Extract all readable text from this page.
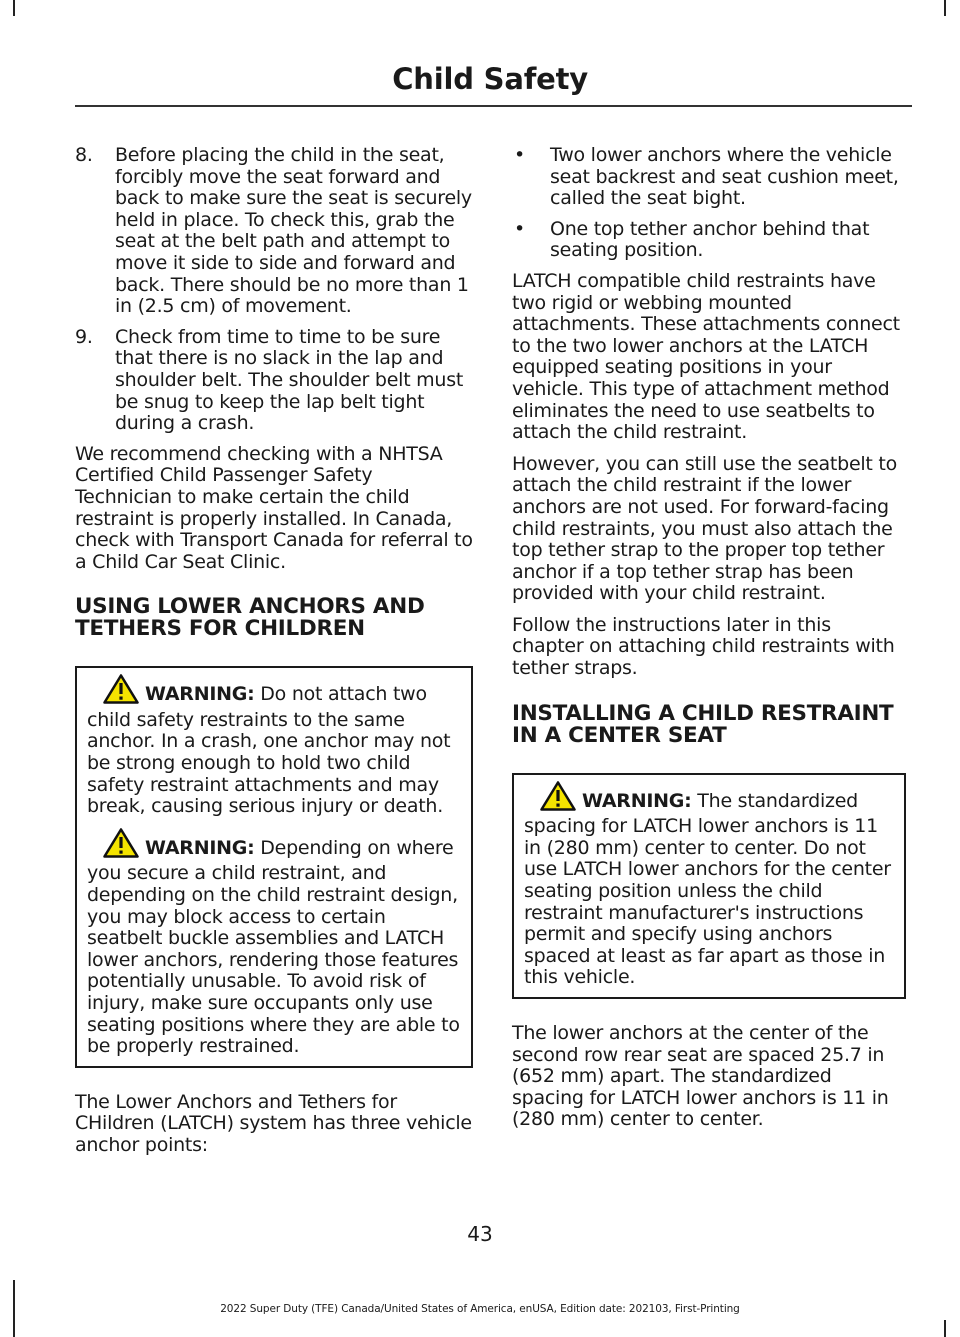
Child Safety
8.	Before placing the child in the seat, forcibly move the seat forward and back to make sure the seat is securely held in place. To check this, grab the seat at the belt path and attempt to move it side to side and forward and back. There should be no more than 1 in (2.5 cm) of movement.
9.	Check from time to time to be sure that there is no slack in the lap and shoulder belt. The shoulder belt must be snug to keep the lap belt tight during a crash.

We recommend checking with a NHTSA Certified Child Passenger Safety Technician to make certain the child restraint is properly installed. In Canada, check with Transport Canada for referral to a Child Car Seat Clinic.

USING LOWER ANCHORS AND TETHERS FOR CHILDREN

WARNING: Do not attach two child safety restraints to the same anchor. In a crash, one anchor may not be strong enough to hold two child safety restraint attachments and may break, causing serious injury or death.

WARNING: Depending on where you secure a child restraint, and depending on the child restraint design, you may block access to certain seatbelt buckle assemblies and LATCH lower anchors, rendering those features potentially unusable. To avoid risk of injury, make sure occupants only use seating positions where they are able to be properly restrained.

The Lower Anchors and Tethers for CHildren (LATCH) system has three vehicle anchor points:

•	Two lower anchors where the vehicle seat backrest and seat cushion meet, called the seat bight.
•	One top tether anchor behind that seating position.

LATCH compatible child restraints have two rigid or webbing mounted attachments. These attachments connect to the two lower anchors at the LATCH equipped seating positions in your vehicle. This type of attachment method eliminates the need to use seatbelts to attach the child restraint.

However, you can still use the seatbelt to attach the child restraint if the lower anchors are not used. For forward-facing child restraints, you must also attach the top tether strap to the proper top tether anchor if a top tether strap has been provided with your child restraint.

Follow the instructions later in this chapter on attaching child restraints with tether straps.

INSTALLING A CHILD RESTRAINT IN A CENTER SEAT

WARNING: The standardized spacing for LATCH lower anchors is 11 in (280 mm) center to center. Do not use LATCH lower anchors for the center seating position unless the child restraint manufacturer's instructions permit and specify using anchors spaced at least as far apart as those in this vehicle.

The lower anchors at the center of the second row rear seat are spaced 25.7 in (652 mm) apart. The standardized spacing for LATCH lower anchors is 11 in (280 mm) center to center.

43
2022 Super Duty (TFE) Canada/United States of America, enUSA, Edition date: 202103, First-Printing
